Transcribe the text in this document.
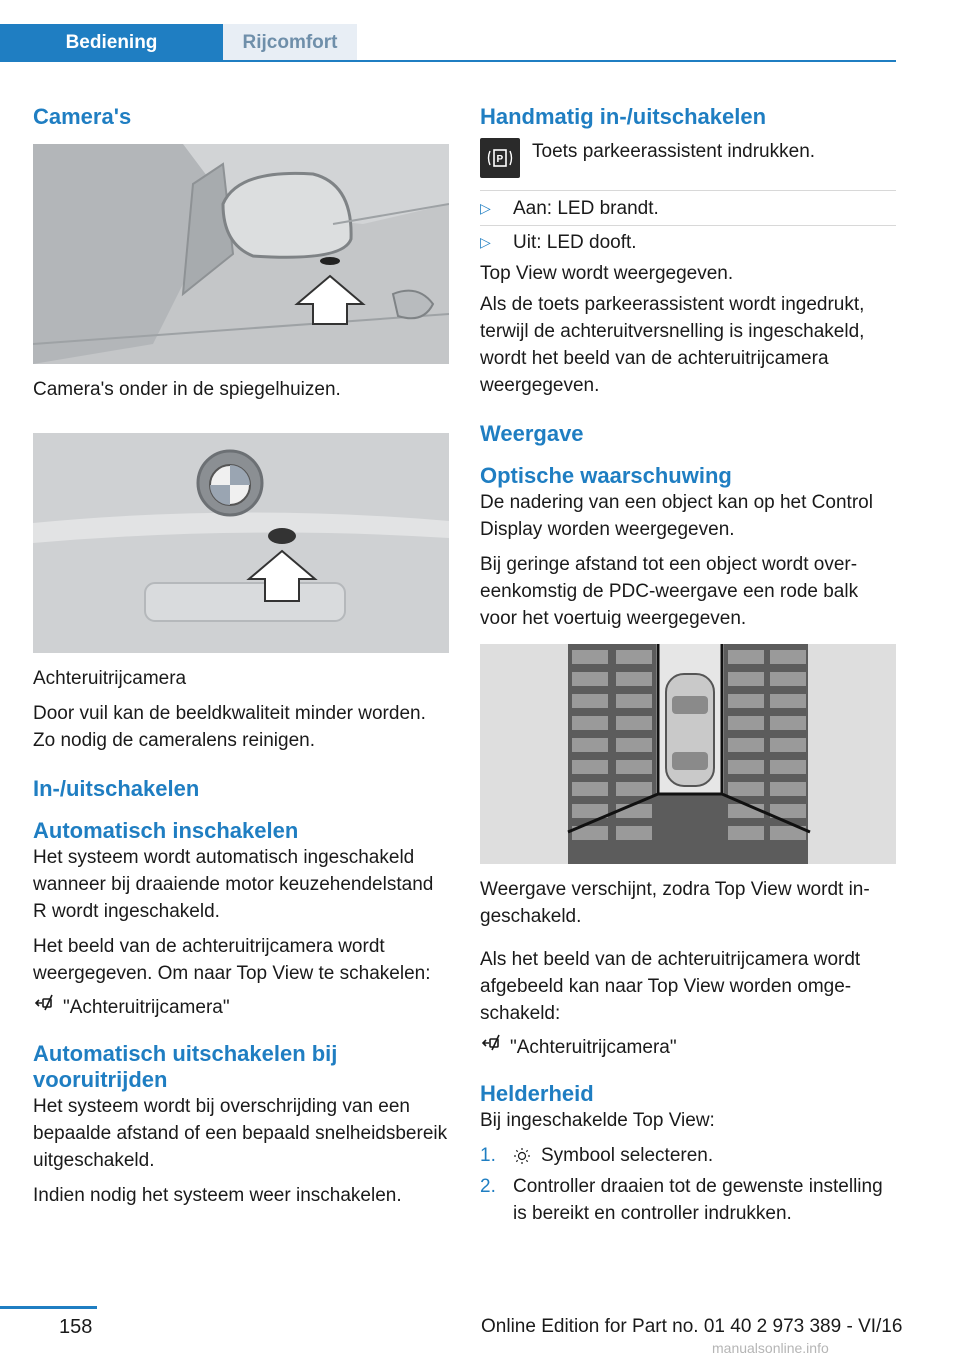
Bediening	Rijcomfort
Camera's

Camera's onder in de spiegelhuizen.

Achteruitrijcamera

Door vuil kan de beeldkwaliteit minder worden. Zo nodig de cameralens reinigen.

In-/uitschakelen
Automatisch inschakelen

Het systeem wordt automatisch ingeschakeld wanneer bij draaiende motor keuzehendelstand R wordt ingeschakeld.

Het beeld van de achteruitrijcamera wordt weergegeven. Om naar Top View te schakelen:

"Achteruitrijcamera"
Automatisch uitschakelen bij vooruitrijden

Het systeem wordt bij overschrijding van een bepaalde afstand of een bepaald snelheidsbereik uitgeschakeld.

Indien nodig het systeem weer inschakelen.

Handmatig in-/uitschakelen
P Toets parkeerassistent indrukken.

▷	Aan: LED brandt.
▷	Uit: LED dooft.

Top View wordt weergegeven.

Als de toets parkeerassistent wordt ingedrukt, terwijl de achteruitversnelling is ingeschakeld, wordt het beeld van de achteruitrijcamera weergegeven.

Weergave
Optische waarschuwing

De nadering van een object kan op het Control Display worden weergegeven.

Bij geringe afstand tot een object wordt overeenkomstig de PDC-weergave een rode balk voor het voertuig weergegeven.

Weergave verschijnt, zodra Top View wordt ingeschakeld.

Als het beeld van de achteruitrijcamera wordt afgebeeld kan naar Top View worden omgeschakeld:

"Achteruitrijcamera"
Helderheid

Bij ingeschakelde Top View:

1.	Symbool selecteren.
2. Controller draaien tot de gewenste instelling is bereikt en controller indrukken.
158	Online Edition for Part no. 01 40 2 973 389 - VI/16
manualsonline.info
